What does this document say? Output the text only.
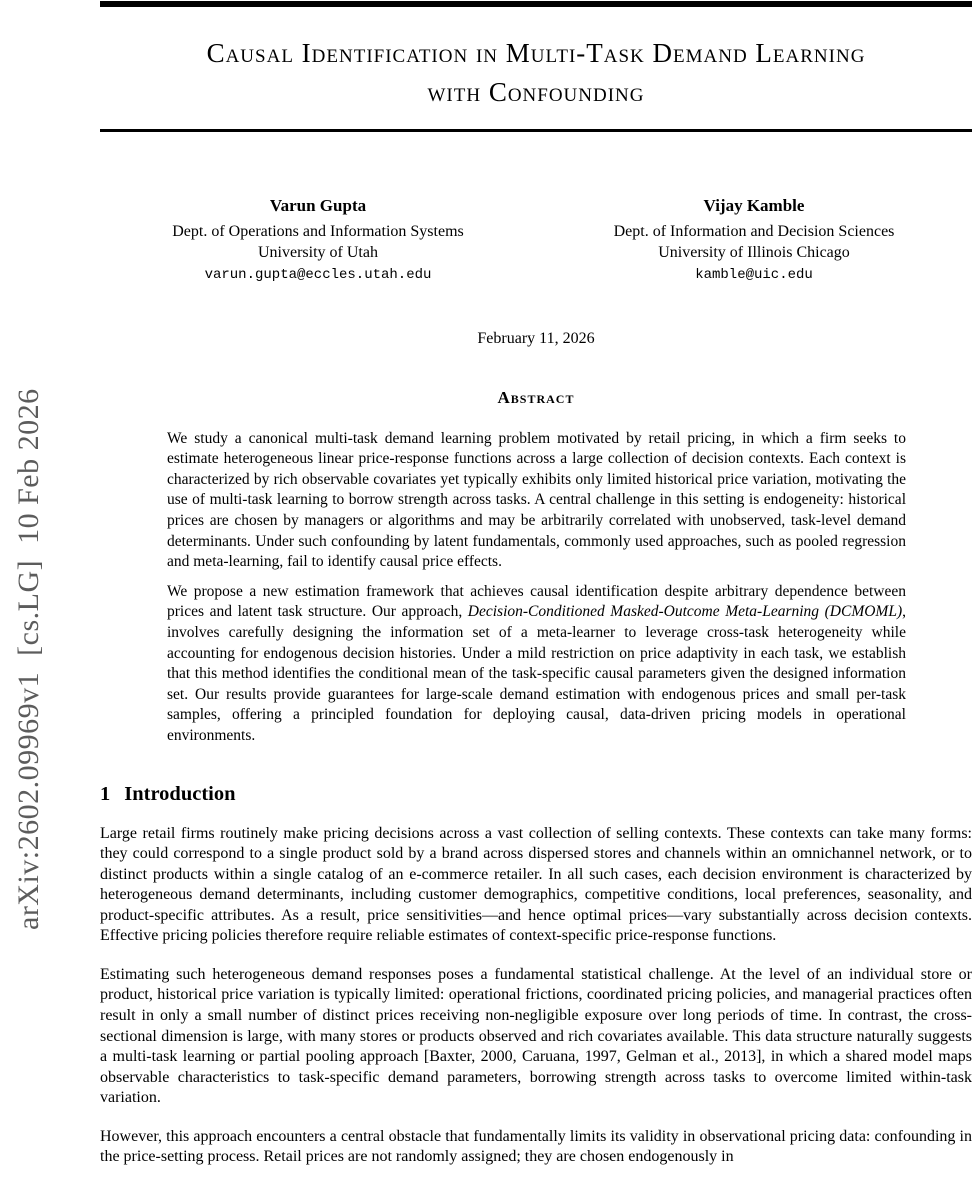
arXiv:2602.09969v1  [cs.LG]  10 Feb 2026
Causal Identification in Multi-Task Demand Learning
with Confounding
Varun Gupta
Dept. of Operations and Information Systems
University of Utah
varun.gupta@eccles.utah.edu
Vijay Kamble
Dept. of Information and Decision Sciences
University of Illinois Chicago
kamble@uic.edu
February 11, 2026
Abstract

We study a canonical multi-task demand learning problem motivated by retail pricing, in which a firm seeks to estimate heterogeneous linear price-response functions across a large collection of decision contexts. Each context is characterized by rich observable covariates yet typically exhibits only limited historical price variation, motivating the use of multi-task learning to borrow strength across tasks. A central challenge in this setting is endogeneity: historical prices are chosen by managers or algorithms and may be arbitrarily correlated with unobserved, task-level demand determinants. Under such confounding by latent fundamentals, commonly used approaches, such as pooled regression and meta-learning, fail to identify causal price effects.

We propose a new estimation framework that achieves causal identification despite arbitrary dependence between prices and latent task structure. Our approach, Decision-Conditioned Masked-Outcome Meta-Learning (DCMOML), involves carefully designing the information set of a meta-learner to leverage cross-task heterogeneity while accounting for endogenous decision histories. Under a mild restriction on price adaptivity in each task, we establish that this method identifies the conditional mean of the task-specific causal parameters given the designed information set. Our results provide guarantees for large-scale demand estimation with endogenous prices and small per-task samples, offering a principled foundation for deploying causal, data-driven pricing models in operational environments.

1 Introduction

Large retail firms routinely make pricing decisions across a vast collection of selling contexts. These contexts can take many forms: they could correspond to a single product sold by a brand across dispersed stores and channels within an omnichannel network, or to distinct products within a single catalog of an e-commerce retailer. In all such cases, each decision environment is characterized by heterogeneous demand determinants, including customer demographics, competitive conditions, local preferences, seasonality, and product-specific attributes. As a result, price sensitivities—and hence optimal prices—vary substantially across decision contexts. Effective pricing policies therefore require reliable estimates of context-specific price-response functions.

Estimating such heterogeneous demand responses poses a fundamental statistical challenge. At the level of an individual store or product, historical price variation is typically limited: operational frictions, coordinated pricing policies, and managerial practices often result in only a small number of distinct prices receiving non-negligible exposure over long periods of time. In contrast, the cross-sectional dimension is large, with many stores or products observed and rich covariates available. This data structure naturally suggests a multi-task learning or partial pooling approach [Baxter, 2000, Caruana, 1997, Gelman et al., 2013], in which a shared model maps observable characteristics to task-specific demand parameters, borrowing strength across tasks to overcome limited within-task variation.

However, this approach encounters a central obstacle that fundamentally limits its validity in observational pricing data: confounding in the price-setting process. Retail prices are not randomly assigned; they are chosen endogenously in
